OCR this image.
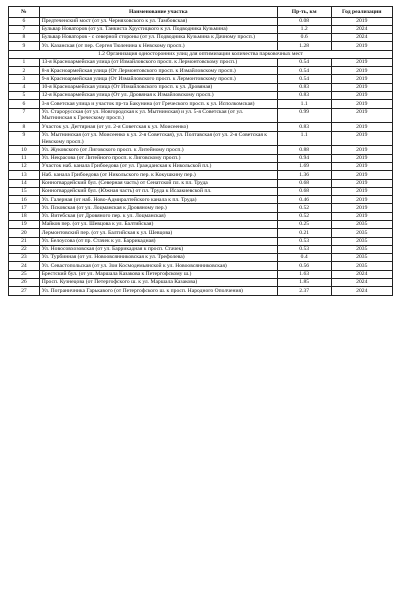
№	Наименование участка	Пр-ть, км	Год реализации
6	Предтеченский мост (от ул. Черняховского к ул. Тамбовская)	0.08	2019
7	Бульвар Новаторов (от ул. Танкиста Хрустицкого к ул. Подводника Кузьмина)	1.2	2024
8	Бульвар Новаторов - с северной стороны (от ул. Подводника Кузьмина к Дачному просп.)	0.6	2024
9	Ул. Казанская (от пер. Сергея Тюленина к Невскому просп.)	1.28	2019
1.2 Организация односторонних улиц для оптимизации количества парковочных мест			
1	13-я Красноармейская улица (от Измайловского просп. к Лермонтовскому просп.)	0.54	2019
2	8-я Красноармейская улица (От Лермонтовского просп. к Измайловскому просп.)	0.54	2019
3	9-я Красноармейская улица (От Измайловского просп. к Лермонтовскому просп.)	0.54	2019
4	10-я Красноармейская улица (От Измайловского просп. к ул. Дровяная)	0.83	2019
5	12-я Красноармейская улица (От ул. Дровяная к Измайловскому просп.)	0.83	2019
6	3-я Советская улица и участок пр-та Бакунина (от Греческого просп. к ул. Исполкомская)	1.1	2019
7	Ул. Старорусская (от ул. Новгородская к ул. Мытнинская) и ул. 5-я Советская (от ул. Мытнинская к Греческому просп.)	0.99	2019
8	Участок ул. Дегтярная (от ул. 2-я Советская к ул. Моисеенко)	0.83	2019
9	Ул. Мытнинская (от ул. Моисеенко к ул. 2-я Советская), ул. Полтавская (от ул. 2-я Советская к Невскому просп.)	1.1	2019
10	Ул. Жуковского (от Лиговского просп. к Литейному просп.)	0.88	2019
11	Ул. Некрасова (от Литейного просп. к Лиговскому просп.)	0.94	2019
12	Участок наб. канала Грибоедова (от ул. Гражданская к Никольской пл.)	1.69	2019
13	Наб. канала Грибоедова (от Никольского пер. к Кокушкину пер.)	1.36	2019
14	Конногвардейский бул. (Северная часть) от Сенатской пл. к пл. Труда	0.68	2019
15	Конногвардейский бул. (Южная часть) от пл. Труда к Исаакиевской пл.	0.68	2019
16	Ул. Галерная (от наб. Ново-Адмиралтейского канала к пл. Труда)	0.46	2019
17	Ул. Псковская (от ул. Лоцманская к Дровяному пер.)	0.52	2019
18	Ул. Витебская (от Дровяного пер. к ул. Лоцманская)	0.52	2019
19	Майков пер. (от ул. Шевцова к ул. Балтийская)	0.25	2035
20	Лермонтовский пер. (от ул. Балтийская к ул. Шевцова)	0.21	2035
21	Ул. Белоусова (от пр. Стачек к ул. Баррикадная)	0.53	2035
22	Ул. Новосовхозовская (от ул. Баррикадная к просп. Стачек)	0.53	2035
23	Ул. Турбинная (от ул. Новоовсянниковская к ул. Трефолева)	0.4	2035
24	Ул. Севастопольская (от ул. Зои Космодемьянской к ул. Новоовсянниковская)	0.56	2035
25	Брестский бул. (от ул. Маршала Казакова к Петергофскому ш.)	1.63	2024
26	Просп. Кузнецова (от Петергофского ш. к ул. Маршала Казакова)	1.85	2024
27	Ул. Пограничника Гарькавого (от Петергофского ш. к просп. Народного Ополчения)	2.37	2024
